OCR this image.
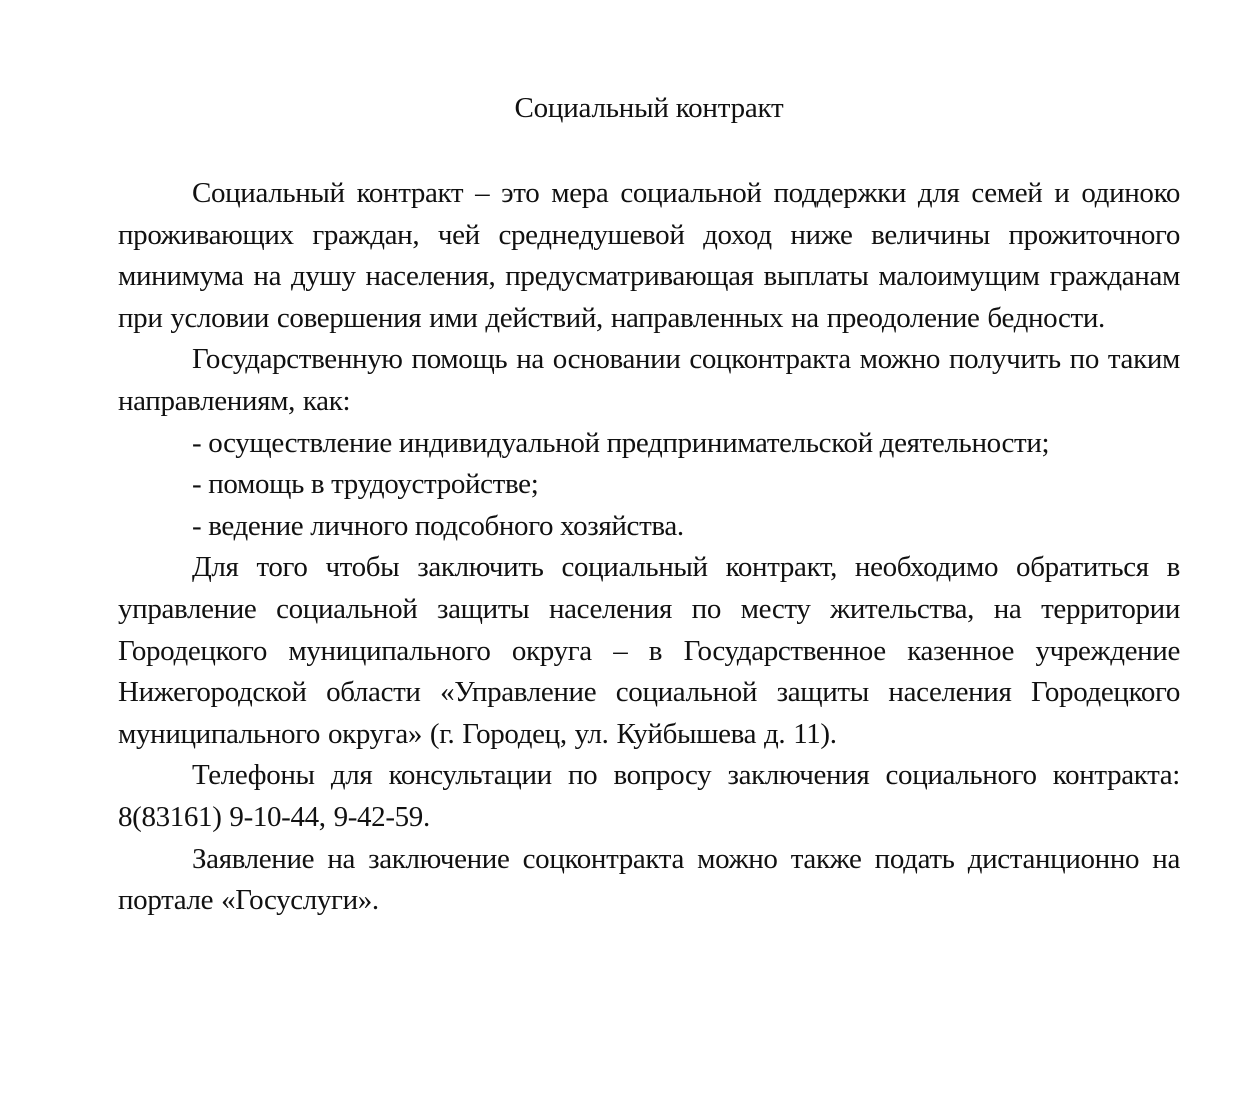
Социальный контракт

Социальный контракт – это мера социальной поддержки для семей и одиноко проживающих граждан, чей среднедушевой доход ниже величины прожиточного минимума на душу населения, предусматривающая выплаты малоимущим гражданам при условии совершения ими действий, направленных на преодоление бедности.

Государственную помощь на основании соцконтракта можно получить по таким направлениям, как:

- осуществление индивидуальной предпринимательской деятельности;
- помощь в трудоустройстве;
- ведение личного подсобного хозяйства.

Для того чтобы заключить социальный контракт, необходимо обратиться в управление социальной защиты населения по месту жительства, на территории Городецкого муниципального округа – в Государственное казенное учреждение Нижегородской области «Управление социальной защиты населения Городецкого муниципального округа» (г. Городец, ул. Куйбышева д. 11).

Телефоны для консультации по вопросу заключения социального контракта: 8(83161) 9-10-44, 9-42-59.

Заявление на заключение соцконтракта можно также подать дистанционно на портале «Госуслуги».
